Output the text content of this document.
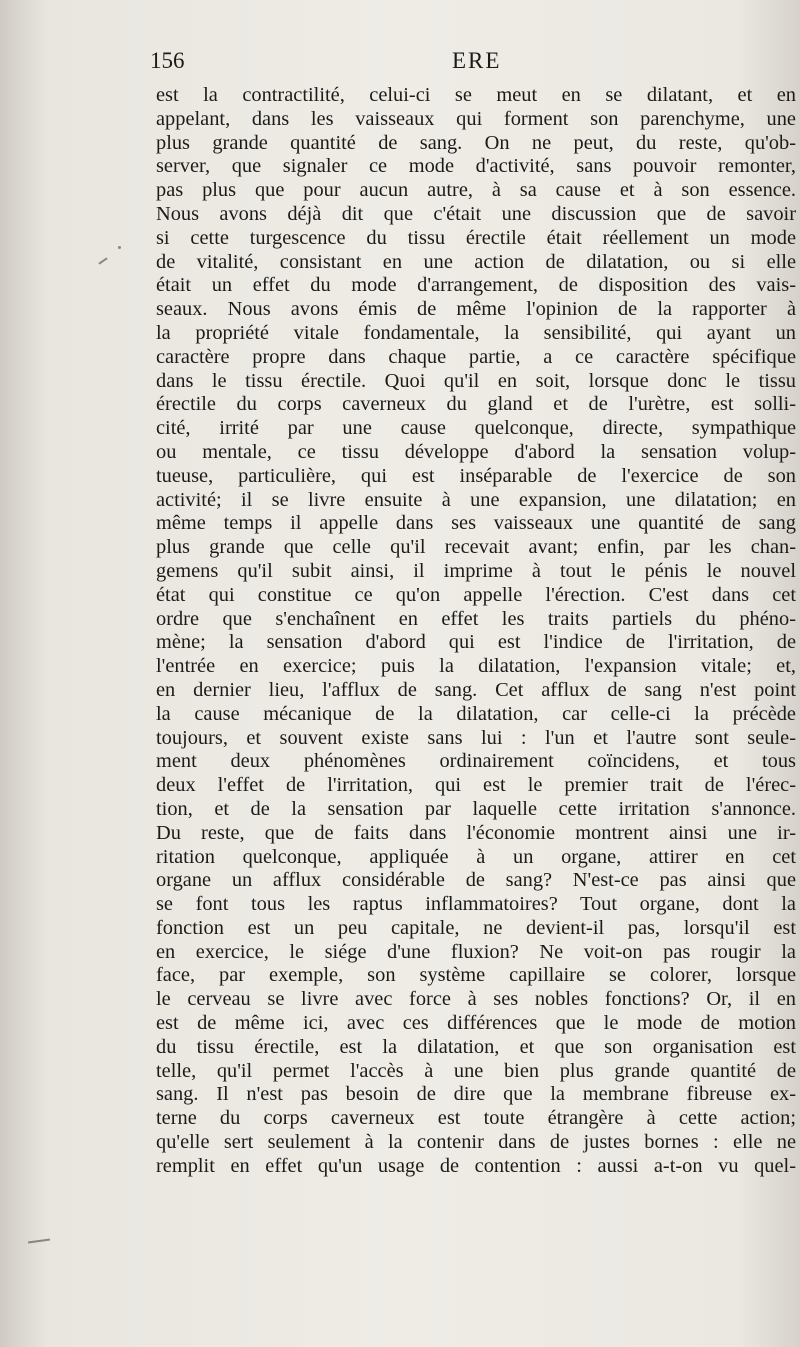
156	ERE
est la contractilité, celui-ci se meut en se dilatant, et en
appelant, dans les vaisseaux qui forment son parenchyme, une
plus grande quantité de sang. On ne peut, du reste, qu'ob-
server, que signaler ce mode d'activité, sans pouvoir remonter,
pas plus que pour aucun autre, à sa cause et à son essence.
Nous avons déjà dit que c'était une discussion que de savoir
si cette turgescence du tissu érectile était réellement un mode
de vitalité, consistant en une action de dilatation, ou si elle
était un effet du mode d'arrangement, de disposition des vais-
seaux. Nous avons émis de même l'opinion de la rapporter à
la propriété vitale fondamentale, la sensibilité, qui ayant un
caractère propre dans chaque partie, a ce caractère spécifique
dans le tissu érectile. Quoi qu'il en soit, lorsque donc le tissu
érectile du corps caverneux du gland et de l'urètre, est solli-
cité, irrité par une cause quelconque, directe, sympathique
ou mentale, ce tissu développe d'abord la sensation volup-
tueuse, particulière, qui est inséparable de l'exercice de son
activité; il se livre ensuite à une expansion, une dilatation; en
même temps il appelle dans ses vaisseaux une quantité de sang
plus grande que celle qu'il recevait avant; enfin, par les chan-
gemens qu'il subit ainsi, il imprime à tout le pénis le nouvel
état qui constitue ce qu'on appelle l'érection. C'est dans cet
ordre que s'enchaînent en effet les traits partiels du phéno-
mène; la sensation d'abord qui est l'indice de l'irritation, de
l'entrée en exercice; puis la dilatation, l'expansion vitale; et,
en dernier lieu, l'afflux de sang. Cet afflux de sang n'est point
la cause mécanique de la dilatation, car celle-ci la précède
toujours, et souvent existe sans lui : l'un et l'autre sont seule-
ment deux phénomènes ordinairement coïncidens, et tous
deux l'effet de l'irritation, qui est le premier trait de l'érec-
tion, et de la sensation par laquelle cette irritation s'annonce.
Du reste, que de faits dans l'économie montrent ainsi une ir-
ritation quelconque, appliquée à un organe, attirer en cet
organe un afflux considérable de sang? N'est-ce pas ainsi que
se font tous les raptus inflammatoires? Tout organe, dont la
fonction est un peu capitale, ne devient-il pas, lorsqu'il est
en exercice, le siége d'une fluxion? Ne voit-on pas rougir la
face, par exemple, son système capillaire se colorer, lorsque
le cerveau se livre avec force à ses nobles fonctions? Or, il en
est de même ici, avec ces différences que le mode de motion
du tissu érectile, est la dilatation, et que son organisation est
telle, qu'il permet l'accès à une bien plus grande quantité de
sang. Il n'est pas besoin de dire que la membrane fibreuse ex-
terne du corps caverneux est toute étrangère à cette action;
qu'elle sert seulement à la contenir dans de justes bornes : elle ne
remplit en effet qu'un usage de contention : aussi a-t-on vu quel-
